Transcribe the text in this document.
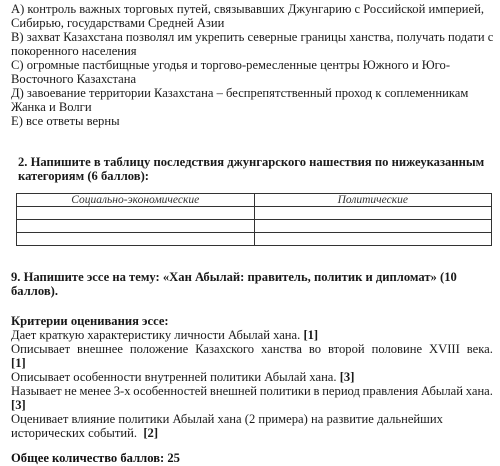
А) контроль важных торговых путей, связывавших Джунгарию с Российской империей,
Сибирью, государствами Средней Азии
В) захват Казахстана позволял им укрепить северные границы ханства, получать подати с
покоренного населения
С) огромные пастбищные угодья и торгово-ремесленные центры Южного и Юго-
Восточного Казахстана
Д) завоевание территории Казахстана – беспрепятственный проход к соплеменникам
Жанка и Волги
Е) все ответы верны
2. Напишите в таблицу последствия джунгарского нашествия по нижеуказанным
категориям (6 баллов):
Социально-экономические	Политические

9. Напишите эссе на тему: «Хан Абылай: правитель, политик и дипломат» (10
баллов).
Критерии оценивания эссе:
Дает краткую характеристику личности Абылай хана. [1]
Описывает внешнее положение Казахского ханства во второй половине XVIII века.
[1]
Описывает особенности внутренней политики Абылай хана. [3]
Называет не менее 3-х особенностей внешней политики в период правления Абылай хана.
[3]
Оценивает влияние политики Абылай хана (2 примера) на развитие дальнейших
исторических событий. [2]
Общее количество баллов: 25
